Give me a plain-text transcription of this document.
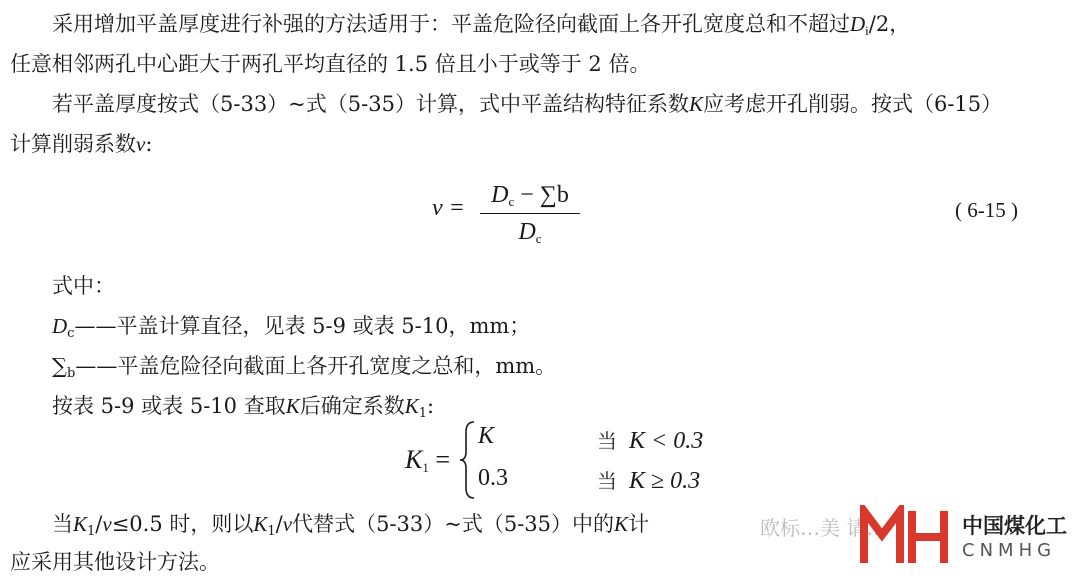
采用增加平盖厚度进行补强的方法适用于：平盖危险径向截面上各开孔宽度总和不超过$D_i/2$，
任意相邻两孔中心距大于两孔平均直径的 1.5 倍且小于或等于 2 倍。
若平盖厚度按式（5-33）~式（5-35）计算，式中平盖结构特征系数K应考虑开孔削弱。按式（6-15）
计算削弱系数ν:
ν =	$D_c - \sum b$
$D_c$
( 6-15 )
式中：
$D_c——$平盖计算直径，见表 5-9 或表 5-10，mm；
$\sum_b——$平盖危险径向截面上各开孔宽度之总和，mm。
按表 5-9 或表 5-10 查取K后确定系数$K_1$:
$K_1$ =
K	当 K < 0.3
0.3	当 K ≥ 0.3
当$K_1/\nu\le 0.5$ 时，则以$K_1/\nu$代替式（5-33）~式（5-35）中的K计
应采用其他设计方法。
欧标…美 请…	中国煤化工
CNMHG
